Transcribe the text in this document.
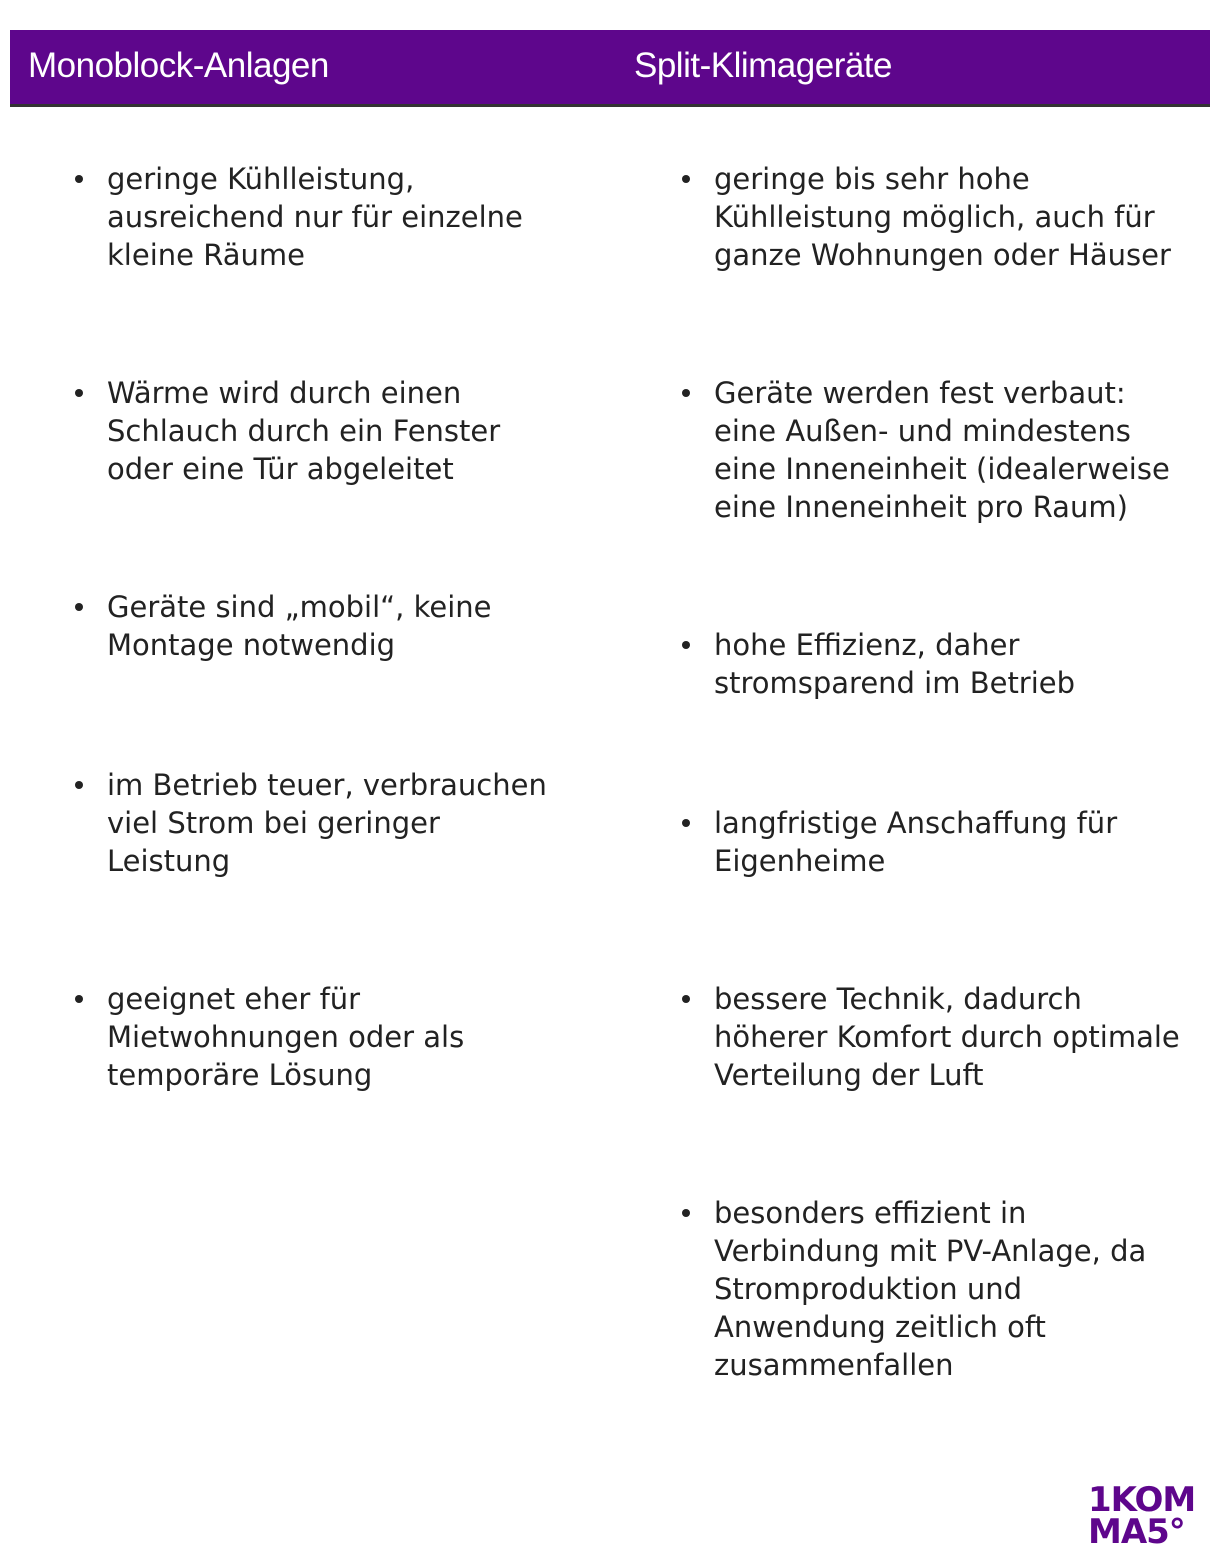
Monoblock-Anlagen	Split-Klimageräte
geringe Kühlleistung,
ausreichend nur für einzelne
kleine Räume
Wärme wird durch einen
Schlauch durch ein Fenster
oder eine Tür abgeleitet
Geräte sind „mobil“, keine
Montage notwendig
im Betrieb teuer, verbrauchen
viel Strom bei geringer
Leistung
geeignet eher für
Mietwohnungen oder als
temporäre Lösung
geringe bis sehr hohe
Kühlleistung möglich, auch für
ganze Wohnungen oder Häuser
Geräte werden fest verbaut:
eine Außen- und mindestens
eine Inneneinheit (idealerweise
eine Inneneinheit pro Raum)
hohe Effizienz, daher
stromsparend im Betrieb
langfristige Anschaffung für
Eigenheime
bessere Technik, dadurch
höherer Komfort durch optimale
Verteilung der Luft
besonders effizient in
Verbindung mit PV-Anlage, da
Stromproduktion und
Anwendung zeitlich oft
zusammenfallen
1KOM
MA5°
